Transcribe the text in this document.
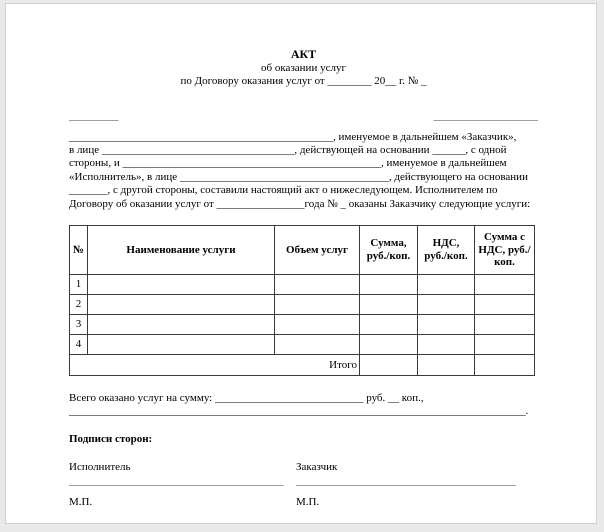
АКТ
об оказании услуг
по Договору оказания услуг от ________ 20__ г. № _
_________	___________________
________________________________________________, именуемое в дальнейшем «Заказчик»,
в лице ___________________________________, действующей на основании ______, с одной
стороны, и _______________________________________________, именуемое в дальнейшем
«Исполнитель», в лице ______________________________________, действующего на основании
_______, с другой стороны, составили настоящий акт о нижеследующем. Исполнителем по
Договору об оказании услуг от ________________года № _ оказаны Заказчику следующие услуги:
№	Наименование услуги	Объем услуг	Сумма, руб./коп.	НДС, руб./коп.	Сумма с НДС, руб./коп.
1					
2					
3					
4					
Итого					
Всего оказано услуг на сумму: ___________________________ руб. __ коп.,
___________________________________________________________________________________.
Подписи сторон:
Исполнитель
_______________________________________
М.П.
Заказчик
________________________________________
М.П.
